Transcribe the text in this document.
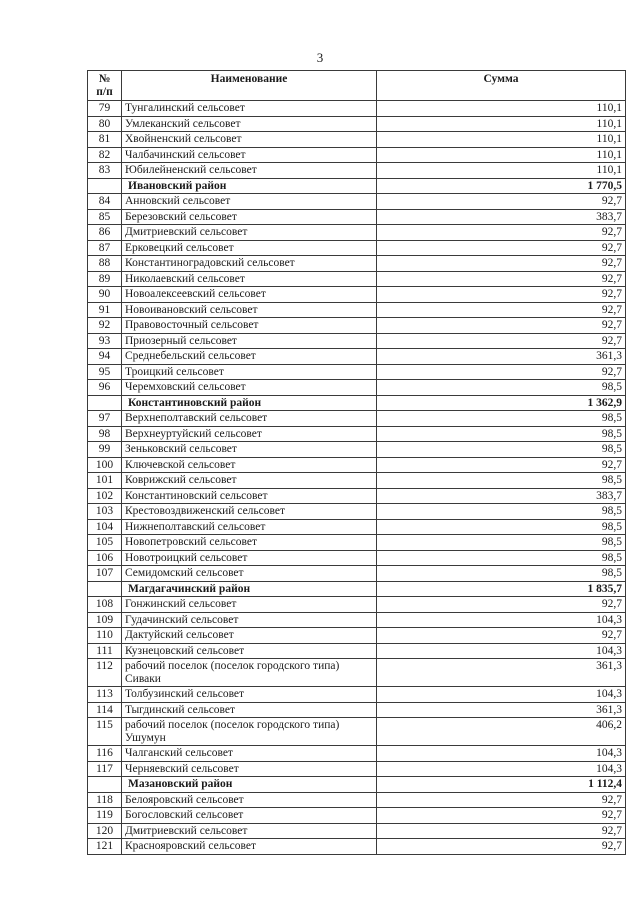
3
№
п/п	Наименование	Сумма
79	Тунгалинский сельсовет	110,1
80	Умлеканский сельсовет	110,1
81	Хвойненский сельсовет	110,1
82	Чалбачинский сельсовет	110,1
83	Юбилейненский сельсовет	110,1
	Ивановский район	1 770,5
84	Анновский сельсовет	92,7
85	Березовский сельсовет	383,7
86	Дмитриевский сельсовет	92,7
87	Ерковецкий сельсовет	92,7
88	Константиноградовский сельсовет	92,7
89	Николаевский сельсовет	92,7
90	Новоалексеевский сельсовет	92,7
91	Новоивановский сельсовет	92,7
92	Правовосточный сельсовет	92,7
93	Приозерный сельсовет	92,7
94	Среднебельский сельсовет	361,3
95	Троицкий сельсовет	92,7
96	Черемховский сельсовет	98,5
	Константиновский район	1 362,9
97	Верхнеполтавский сельсовет	98,5
98	Верхнеуртуйский сельсовет	98,5
99	Зеньковский сельсовет	98,5
100	Ключевской сельсовет	92,7
101	Коврижский сельсовет	98,5
102	Константиновский сельсовет	383,7
103	Крестовоздвиженский сельсовет	98,5
104	Нижнеполтавский сельсовет	98,5
105	Новопетровский сельсовет	98,5
106	Новотроицкий сельсовет	98,5
107	Семидомский сельсовет	98,5
	Магдагачинский район	1 835,7
108	Гонжинский сельсовет	92,7
109	Гудачинский сельсовет	104,3
110	Дактуйский сельсовет	92,7
111	Кузнецовский сельсовет	104,3
112	рабочий поселок (поселок городского типа) Сиваки	361,3
113	Толбузинский сельсовет	104,3
114	Тыгдинский сельсовет	361,3
115	рабочий поселок (поселок городского типа) Ушумун	406,2
116	Чалганский сельсовет	104,3
117	Черняевский сельсовет	104,3
	Мазановский район	1 112,4
118	Белояровский сельсовет	92,7
119	Богословский сельсовет	92,7
120	Дмитриевский сельсовет	92,7
121	Краснояровский сельсовет	92,7
